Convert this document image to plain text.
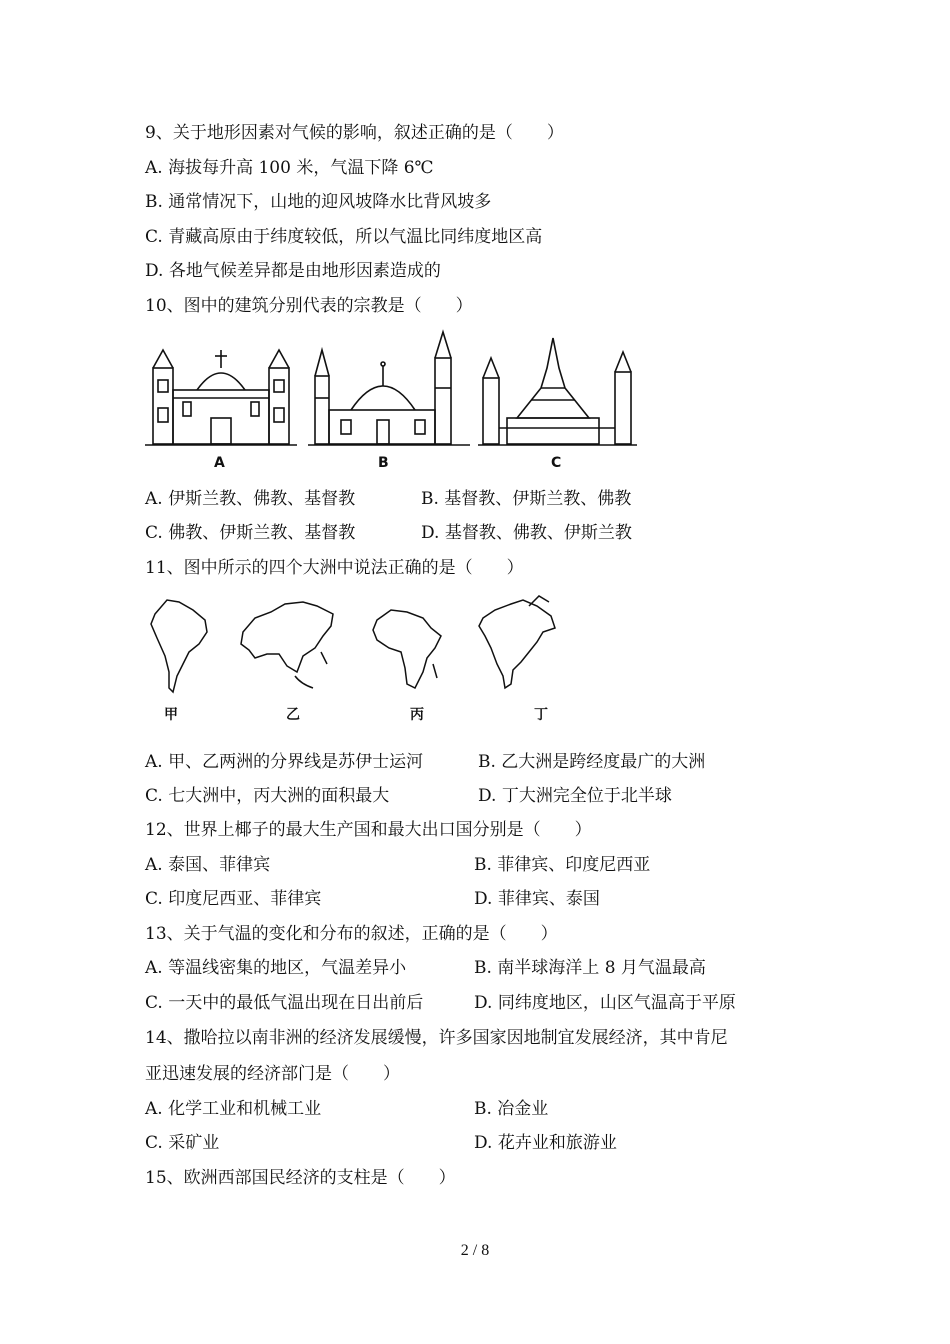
9、关于地形因素对气候的影响，叙述正确的是（　　）
A. 海拔每升高 100 米，气温下降 6℃
B. 通常情况下，山地的迎风坡降水比背风坡多
C. 青藏高原由于纬度较低，所以气温比同纬度地区高
D. 各地气候差异都是由地形因素造成的
10、图中的建筑分别代表的宗教是（　　）
A	B	C
A. 伊斯兰教、佛教、基督教	B. 基督教、伊斯兰教、佛教
C. 佛教、伊斯兰教、基督教	D. 基督教、佛教、伊斯兰教
11、图中所示的四个大洲中说法正确的是（　　）
甲	乙	丙	丁
A. 甲、乙两洲的分界线是苏伊士运河	B. 乙大洲是跨经度最广的大洲
C. 七大洲中，丙大洲的面积最大	D. 丁大洲完全位于北半球
12、世界上椰子的最大生产国和最大出口国分别是（　　）
A. 泰国、菲律宾	B. 菲律宾、印度尼西亚
C. 印度尼西亚、菲律宾	D. 菲律宾、泰国
13、关于气温的变化和分布的叙述，正确的是（　　）
A. 等温线密集的地区，气温差异小	B. 南半球海洋上 8 月气温最高
C. 一天中的最低气温出现在日出前后	D. 同纬度地区，山区气温高于平原
14、撒哈拉以南非洲的经济发展缓慢，许多国家因地制宜发展经济，其中肯尼
亚迅速发展的经济部门是（　　）
A. 化学工业和机械工业	B. 冶金业
C. 采矿业	D. 花卉业和旅游业
15、欧洲西部国民经济的支柱是（　　）
2 / 8
